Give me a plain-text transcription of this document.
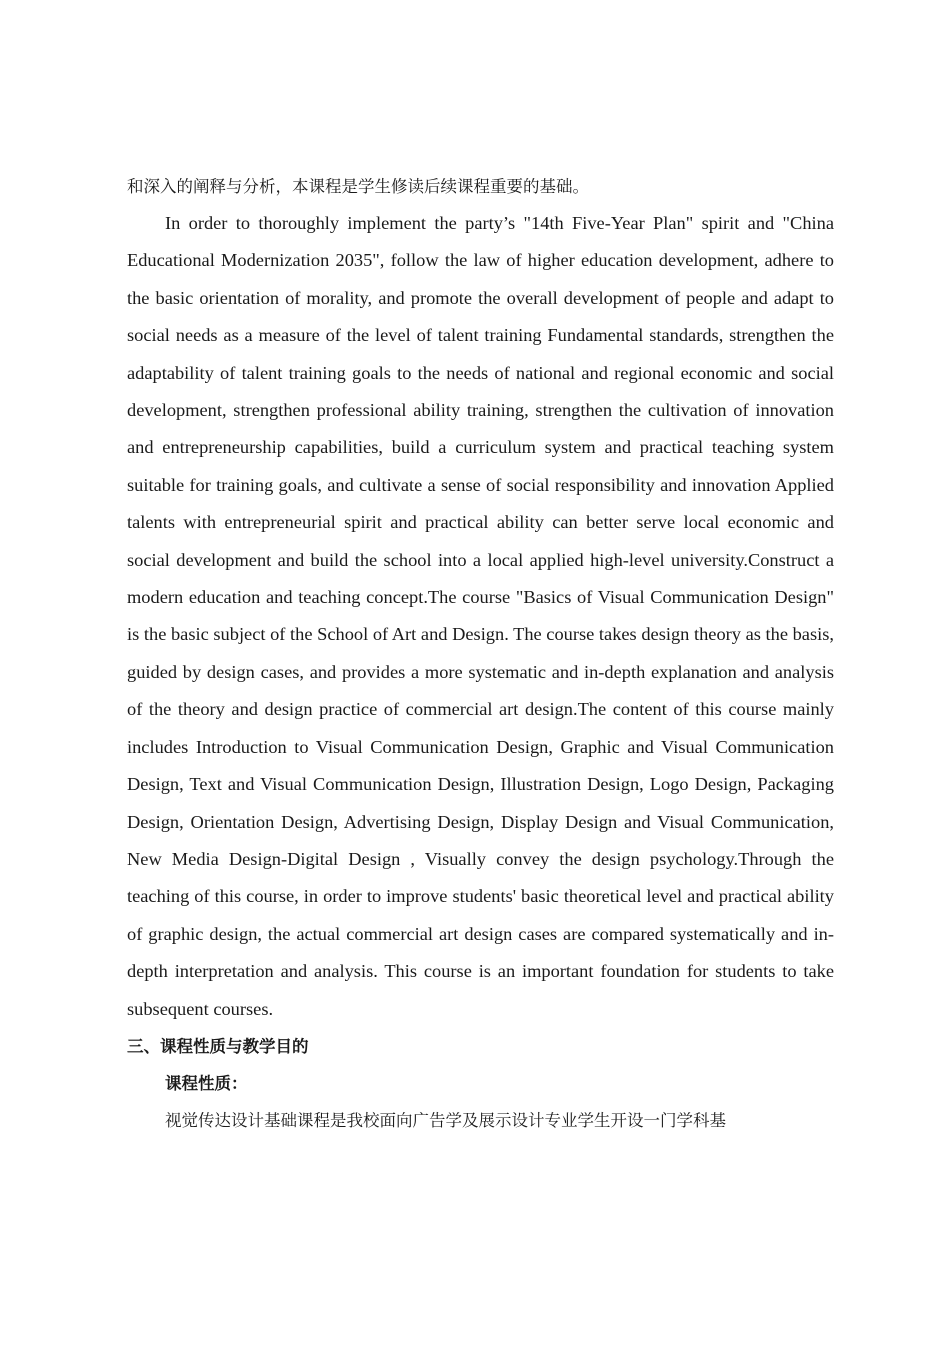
和深入的阐释与分析，本课程是学生修读后续课程重要的基础。

In order to thoroughly implement the party’s "14th Five-Year Plan" spirit and "China Educational Modernization 2035", follow the law of higher education development, adhere to the basic orientation of morality, and promote the overall development of people and adapt to social needs as a measure of the level of talent training Fundamental standards, strengthen the adaptability of talent training goals to the needs of national and regional economic and social development, strengthen professional ability training, strengthen the cultivation of innovation and entrepreneurship capabilities, build a curriculum system and practical teaching system suitable for training goals, and cultivate a sense of social responsibility and innovation Applied talents with entrepreneurial spirit and practical ability can better serve local economic and social development and build the school into a local applied high-level university.Construct a modern education and teaching concept.The course "Basics of Visual Communication Design" is the basic subject of the School of Art and Design. The course takes design theory as the basis, guided by design cases, and provides a more systematic and in-depth explanation and analysis of the theory and design practice of commercial art design.The content of this course mainly includes Introduction to Visual Communication Design, Graphic and Visual Communication Design, Text and Visual Communication Design, Illustration Design, Logo Design, Packaging Design, Orientation Design, Advertising Design, Display Design and Visual Communication, New Media Design-Digital Design , Visually convey the design psychology.Through the teaching of this course, in order to improve students' basic theoretical level and practical ability of graphic design, the actual commercial art design cases are compared systematically and in-depth interpretation and analysis. This course is an important foundation for students to take subsequent courses.

三、课程性质与教学目的

课程性质：

视觉传达设计基础课程是我校面向广告学及展示设计专业学生开设一门学科基
